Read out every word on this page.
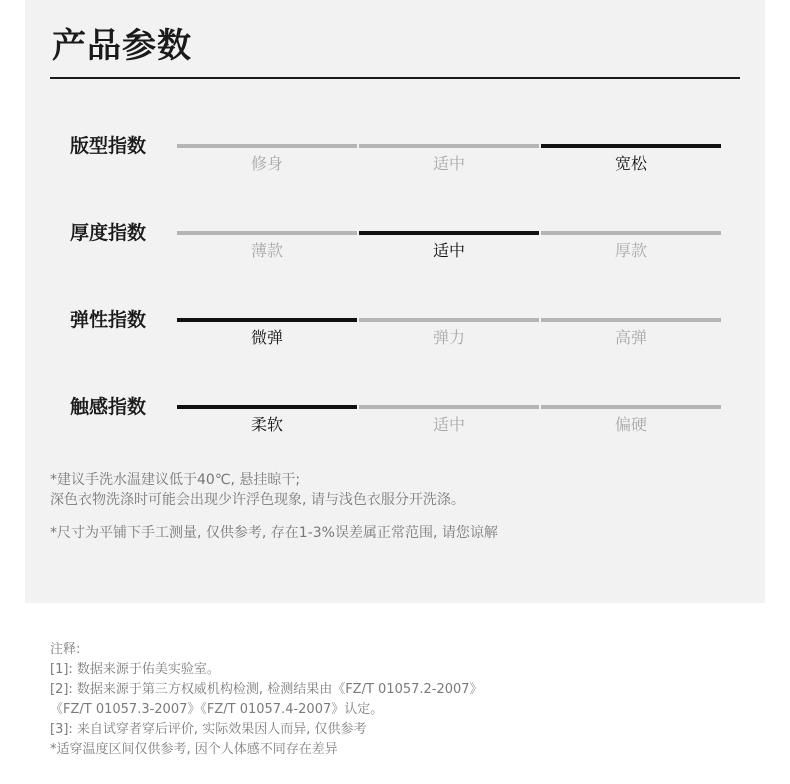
产品参数
版型指数
修身	适中	宽松
厚度指数
薄款	适中	厚款
弹性指数
微弹	弹力	高弹
触感指数
柔软	适中	偏硬
*建议手洗水温建议低于40℃, 悬挂晾干;
深色衣物洗涤时可能会出现少许浮色现象, 请与浅色衣服分开洗涤。
*尺寸为平铺下手工测量, 仅供参考, 存在1-3%误差属正常范围, 请您谅解
注释:
[1]: 数据来源于佑美实验室。
[2]: 数据来源于第三方权威机构检测, 检测结果由《FZ/T 01057.2-2007》
《FZ/T 01057.3-2007》《FZ/T 01057.4-2007》认定。
[3]: 来自试穿者穿后评价, 实际效果因人而异, 仅供参考
*适穿温度区间仅供参考, 因个人体感不同存在差异
